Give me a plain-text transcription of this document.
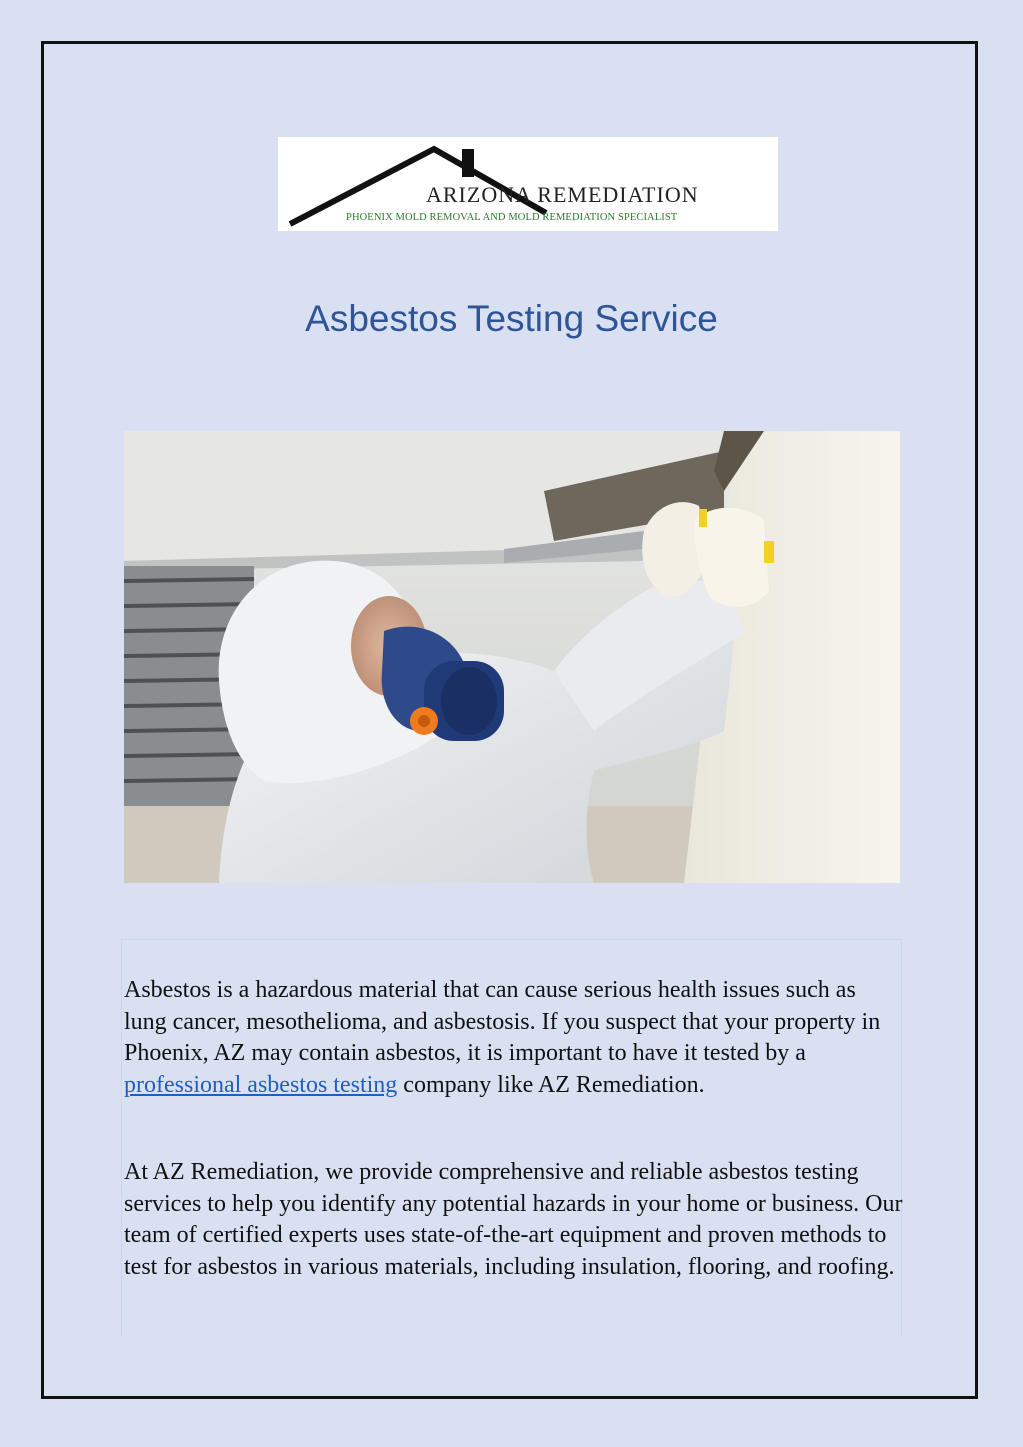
ARIZONA REMEDIATION
PHOENIX MOLD REMOVAL AND MOLD REMEDIATION SPECIALIST
Asbestos Testing Service

Asbestos is a hazardous material that can cause serious health issues such as lung cancer, mesothelioma, and asbestosis. If you suspect that your property in Phoenix, AZ may contain asbestos, it is important to have it tested by a professional asbestos testing company like AZ Remediation.

At AZ Remediation, we provide comprehensive and reliable asbestos testing services to help you identify any potential hazards in your home or business. Our team of certified experts uses state-of-the-art equipment and proven methods to test for asbestos in various materials, including insulation, flooring, and roofing.
